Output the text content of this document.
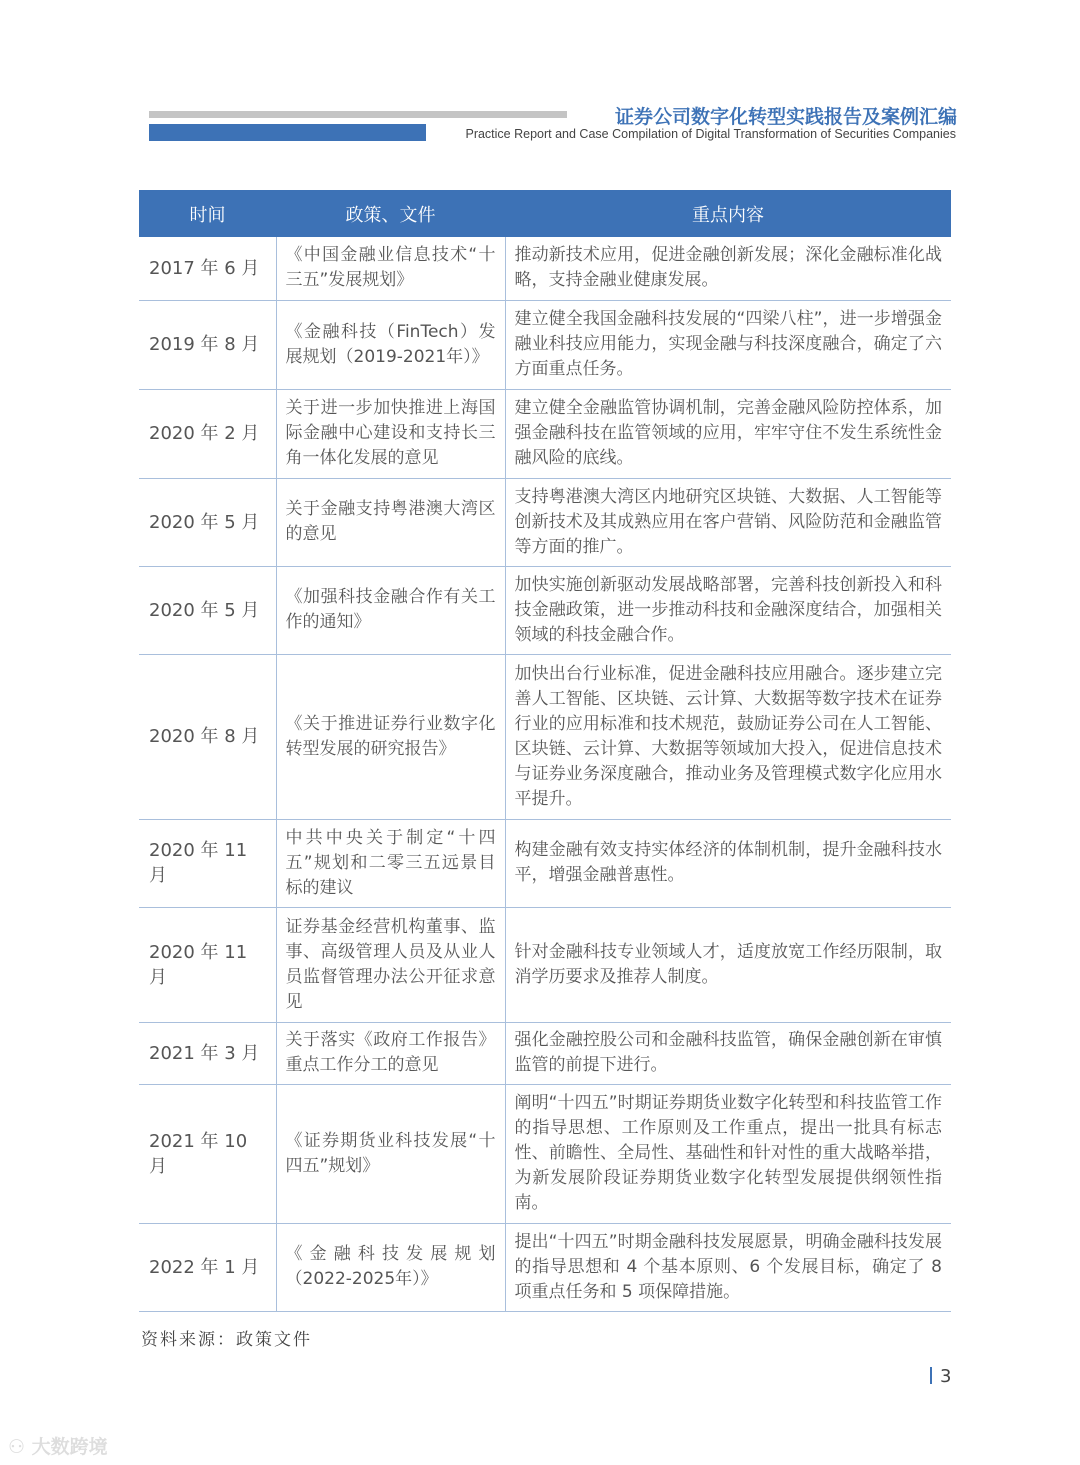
证券公司数字化转型实践报告及案例汇编
Practice Report and Case Compilation of Digital Transformation of Securities Companies
时间	政策、文件	重点内容
2017 年 6 月	《中国金融业信息技术“十三五”发展规划》	推动新技术应用，促进金融创新发展；深化金融标准化战略，支持金融业健康发展。
2019 年 8 月	《金融科技（FinTech）发展规划（2019-2021年）》	建立健全我国金融科技发展的“四梁八柱”，进一步增强金融业科技应用能力，实现金融与科技深度融合，确定了六方面重点任务。
2020 年 2 月	关于进一步加快推进上海国际金融中心建设和支持长三角一体化发展的意见	建立健全金融监管协调机制，完善金融风险防控体系，加强金融科技在监管领域的应用，牢牢守住不发生系统性金融风险的底线。
2020 年 5 月	关于金融支持粤港澳大湾区的意见	支持粤港澳大湾区内地研究区块链、大数据、人工智能等创新技术及其成熟应用在客户营销、风险防范和金融监管等方面的推广。
2020 年 5 月	《加强科技金融合作有关工作的通知》	加快实施创新驱动发展战略部署，完善科技创新投入和科技金融政策，进一步推动科技和金融深度结合，加强相关领域的科技金融合作。
2020 年 8 月	《关于推进证券行业数字化转型发展的研究报告》	加快出台行业标准，促进金融科技应用融合。逐步建立完善人工智能、区块链、云计算、大数据等数字技术在证券行业的应用标准和技术规范，鼓励证券公司在人工智能、区块链、云计算、大数据等领域加大投入，促进信息技术与证券业务深度融合，推动业务及管理模式数字化应用水平提升。
2020 年 11 月	中共中央关于制定“十四五”规划和二零三五远景目标的建议	构建金融有效支持实体经济的体制机制，提升金融科技水平，增强金融普惠性。
2020 年 11 月	证券基金经营机构董事、监事、高级管理人员及从业人员监督管理办法公开征求意见	针对金融科技专业领域人才，适度放宽工作经历限制，取消学历要求及推荐人制度。
2021 年 3 月	关于落实《政府工作报告》重点工作分工的意见	强化金融控股公司和金融科技监管，确保金融创新在审慎监管的前提下进行。
2021 年 10 月	《证券期货业科技发展“十四五”规划》	阐明“十四五”时期证券期货业数字化转型和科技监管工作的指导思想、工作原则及工作重点，提出一批具有标志性、前瞻性、全局性、基础性和针对性的重大战略举措，为新发展阶段证券期货业数字化转型发展提供纲领性指南。
2022 年 1 月	《金融科技发展规划（2022-2025年）》	提出“十四五”时期金融科技发展愿景，明确金融科技发展的指导思想和 4 个基本原则、6 个发展目标，确定了 8 项重点任务和 5 项保障措施。
资料来源：政策文件
3
⚇ 大数跨境
